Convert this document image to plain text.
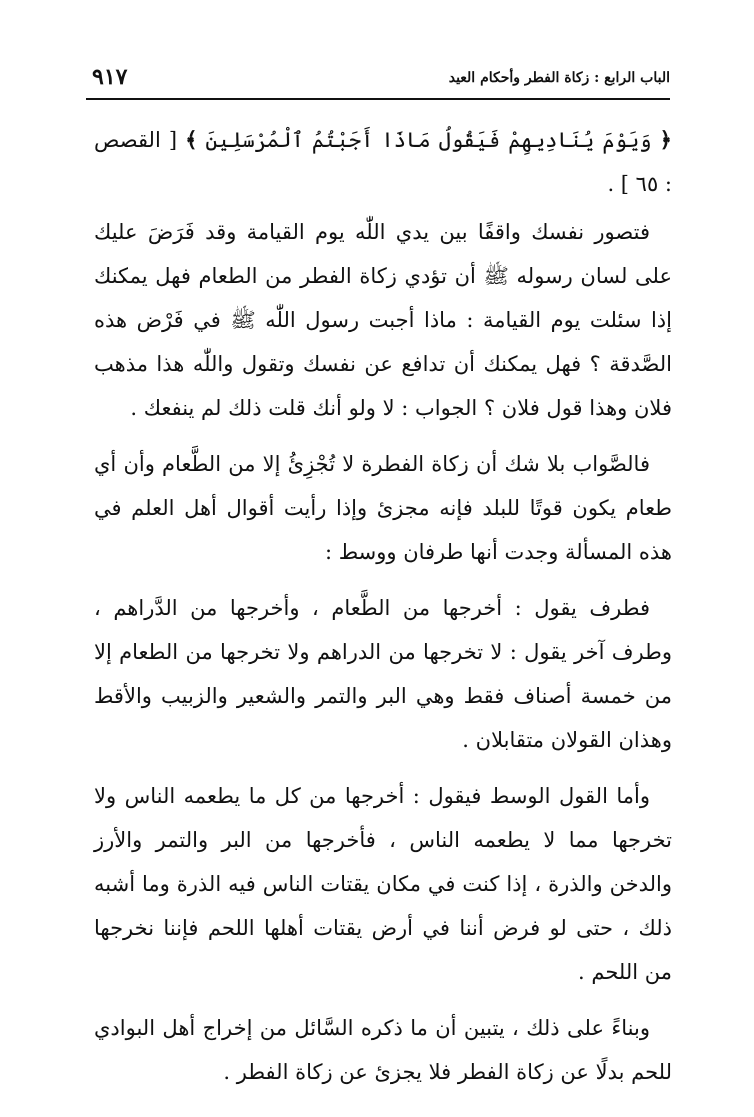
٩١٧	الباب الرابع : زكاة الفطر وأحكام العيد

﴿ وَيَوْمَ يُنَادِيهِمْ فَيَقُولُ مَاذَا أَجَبْتُمُ ٱلْمُرْسَلِينَ ﴾ [ القصص : ٦٥ ] .

فتصور نفسك واقفًا بين يدي اللّٰه يوم القيامة وقد فَرَضَ عليك على لسان رسوله ﷺ أن تؤدي زكاة الفطر من الطعام فهل يمكنك إذا سئلت يوم القيامة : ماذا أجبت رسول اللّٰه ﷺ في فَرْض هذه الصَّدقة ؟ فهل يمكنك أن تدافع عن نفسك وتقول واللّٰه هذا مذهب فلان وهذا قول فلان ؟ الجواب : لا ولو أنك قلت ذلك لم ينفعك .

فالصَّواب بلا شك أن زكاة الفطرة لا تُجْزِئُ إلا من الطَّعام وأن أي طعام يكون قوتًا للبلد فإنه مجزئ وإذا رأيت أقوال أهل العلم في هذه المسألة وجدت أنها طرفان ووسط :

فطرف يقول : أخرجها من الطَّعام ، وأخرجها من الدَّراهم ، وطرف آخر يقول : لا تخرجها من الدراهم ولا تخرجها من الطعام إلا من خمسة أصناف فقط وهي البر والتمر والشعير والزبيب والأقط وهذان القولان متقابلان .

وأما القول الوسط فيقول : أخرجها من كل ما يطعمه الناس ولا تخرجها مما لا يطعمه الناس ، فأخرجها من البر والتمر والأرز والدخن والذرة ، إذا كنت في مكان يقتات الناس فيه الذرة وما أشبه ذلك ، حتى لو فرض أننا في أرض يقتات أهلها اللحم فإننا نخرجها من اللحم .

وبناءً على ذلك ، يتبين أن ما ذكره السَّائل من إخراج أهل البوادي للحم بدلًا عن زكاة الفطر فلا يجزئ عن زكاة الفطر .
